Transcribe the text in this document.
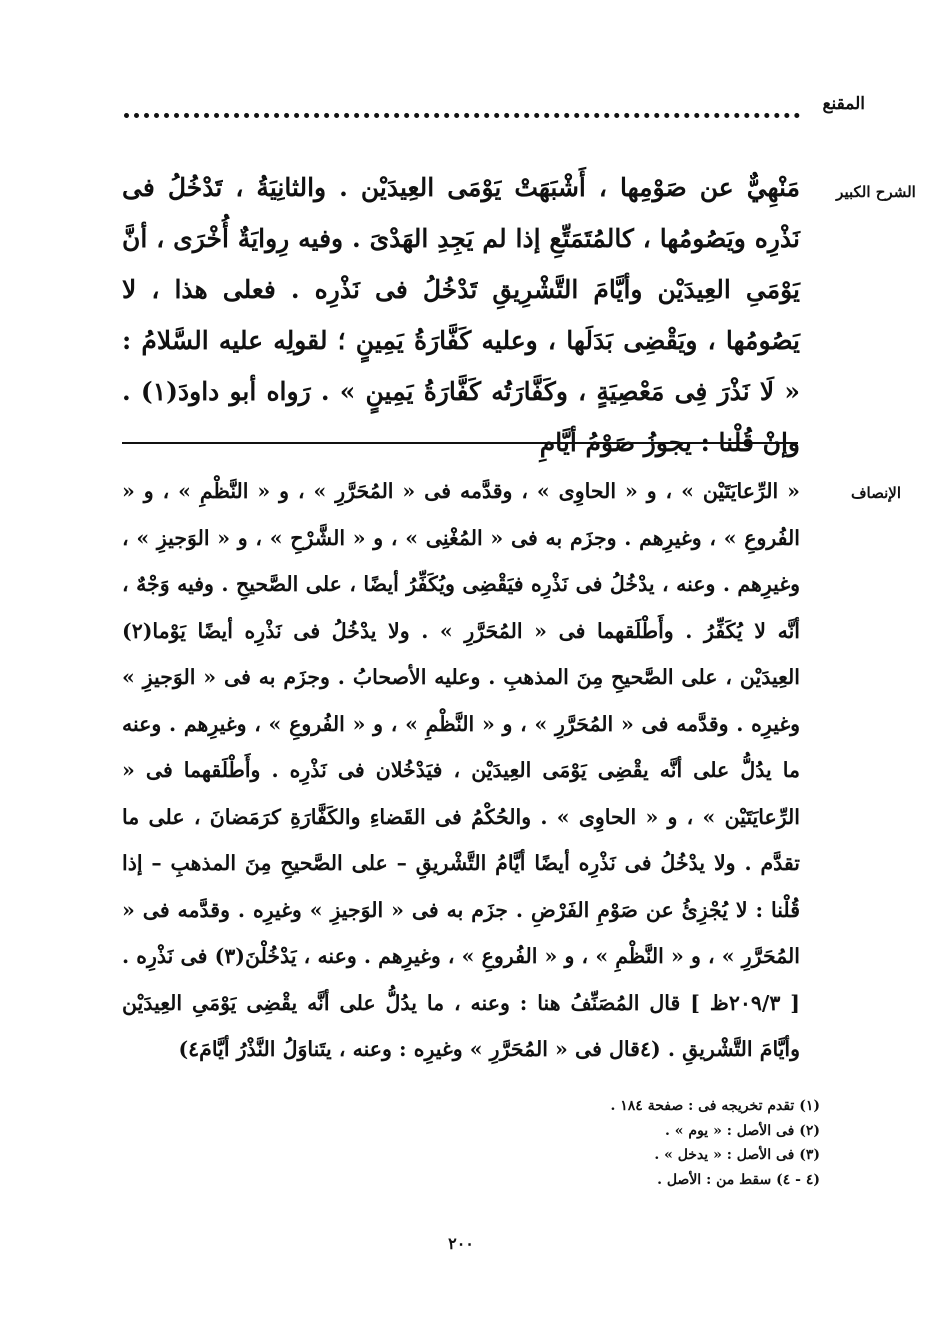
المقنع
الشرح الكبير

مَنْهِيٌّ عن صَوْمِها ، أَشْبَهَتْ يَوْمَى العِيدَيْن . والثانِيَةُ ، تَدْخُلُ فى نَذْرِه ويَصُومُها ، كالمُتَمَتِّعِ إذا لم يَجِدِ الهَدْىَ . وفيه رِوايَةٌ أُخْرَى ، أنَّ يَوْمَىِ العِيدَيْن وأيَّامَ التَّشْرِيقِ تَدْخُلُ فى نَذْرِه . فعلى هذا ، لا يَصُومُها ، ويَقْضِى بَدَلَها ، وعليه كَفَّارَةُ يَمِينٍ ؛ لقولِه عليه السَّلامُ : « لَا نَذْرَ فِى مَعْصِيَةٍ ، وكَفَّارَتُه كَفَّارَةُ يَمِينٍ » . رَواه أبو داودَ(١) . وإنْ قُلْنا : يجوزُ صَوْمُ أيَّامِ

الإنصاف

« الرِّعايَتَيْن » ، و « الحاوِى » ، وقدَّمه فى « المُحَرَّرِ » ، و « النَّظْمِ » ، و « الفُروعِ » ، وغيرِهم . وجزَم به فى « المُغْنِى » ، و « الشَّرْحِ » ، و « الوَجيزِ » ، وغيرِهم . وعنه ، يدْخُلُ فى نَذْرِه فيَقْضِى ويُكَفِّرُ أيضًا ، على الصَّحيحِ . وفيه وَجْهٌ ، أنَّه لا يُكَفِّرُ . وأَطْلَقهما فى « المُحَرَّرِ » . ولا يدْخُلُ فى نَذْرِه أيضًا يَوْما(٢) العِيدَيْن ، على الصَّحيحِ مِنَ المذهبِ . وعليه الأصحابُ . وجزَم به فى « الوَجيزِ » وغيرِه . وقدَّمه فى « المُحَرَّرِ » ، و « النَّظْمِ » ، و « الفُروعِ » ، وغيرِهم . وعنه ما يدُلُّ على أنَّه يقْضِى يَوْمَى العِيدَيْن ، فيَدْخُلان فى نَذْرِه . وأَطْلَقهما فى « الرِّعايَتَيْن » ، و « الحاوِى » . والحُكْمُ فى القَضاءِ والكَفَّارَةِ كرَمَضانَ ، على ما تقدَّم . ولا يدْخُلُ فى نَذْرِه أيضًا أيَّامُ التَّشْريقِ – على الصَّحيحِ مِنَ المذهبِ – إذا قُلْنا : لا يُجْزِئُ عن صَوْمِ الفَرْضِ . جزَم به فى « الوَجيزِ » وغيرِه . وقدَّمه فى « المُحَرَّرِ » ، و « النَّظْمِ » ، و « الفُروعِ » ، وغيرِهم . وعنه ، يَدْخُلْنَ(٣) فى نَذْرِه . [ ٢٠٩/٣ظ ] قال المُصَنِّفُ هنا : وعنه ، ما يدُلُّ على أنَّه يقْضِى يَوْمَىِ العِيدَيْن وأيَّامَ التَّشْريقِ . (٤قال فى « المُحَرَّرِ » وغيرِه : وعنه ، يتَناوَلُ النَّذْرُ أيَّامَ٤)

(١) تقدم تخريجه فى : صفحة ١٨٤ .
(٢) فى الأصل : « يوم » .
(٣) فى الأصل : « يدخل » .
(٤ - ٤) سقط من : الأصل .
٢٠٠
